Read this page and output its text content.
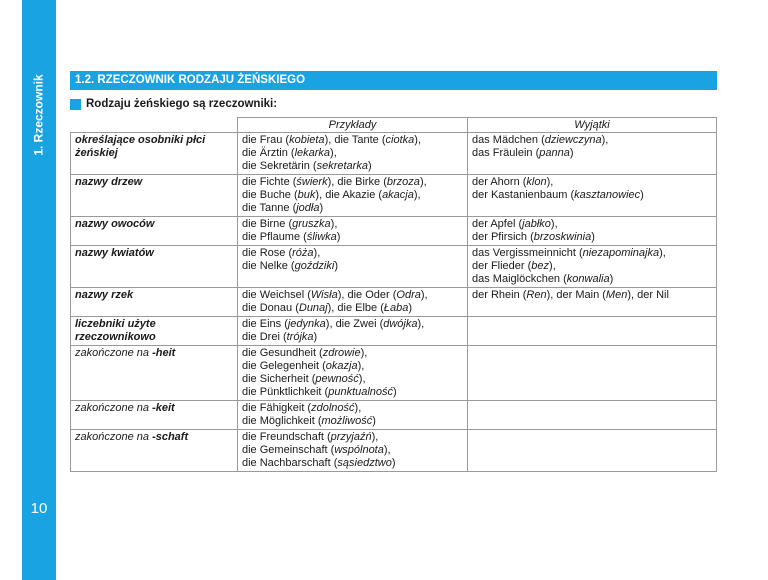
1. Rzeczownik
10
1.2. RZECZOWNIK RODZAJU ŻEŃSKIEGO
Rodzaju żeńskiego są rzeczowniki:
	Przykłady	Wyjątki
określające osobniki płci żeńskiej	die Frau (kobieta), die Tante (ciotka),
die Ärztin (lekarka),
die Sekretärin (sekretarka)	das Mädchen (dziewczyna),
das Fräulein (panna)

nazwy drzew	die Fichte (świerk), die Birke (brzoza),
die Buche (buk), die Akazie (akacja),
die Tanne (jodła)	der Ahorn (klon),
der Kastanienbaum (kasztanowiec)

nazwy owoców	die Birne (gruszka),
die Pflaume (śliwka)	der Apfel (jabłko),
der Pfirsich (brzoskwinia)

nazwy kwiatów	die Rose (róża),
die Nelke (goździki)	das Vergissmeinnicht (niezapominajka),
der Flieder (bez),
das Maiglöckchen (konwalia)

nazwy rzek	die Weichsel (Wisła), die Oder (Odra),
die Donau (Dunaj), die Elbe (Łaba)	der Rhein (Ren), der Main (Men), der Nil

liczebniki użyte rzeczownikowo	die Eins (jedynka), die Zwei (dwójka),
die Drei (trójka)	

zakończone na -heit	die Gesundheit (zdrowie),
die Gelegenheit (okazja),
die Sicherheit (pewność),
die Pünktlichkeit (punktualność)	

zakończone na -keit	die Fähigkeit (zdolność),
die Möglichkeit (możliwość)	

zakończone na -schaft	die Freundschaft (przyjaźń),
die Gemeinschaft (wspólnota),
die Nachbarschaft (sąsiedztwo)	
